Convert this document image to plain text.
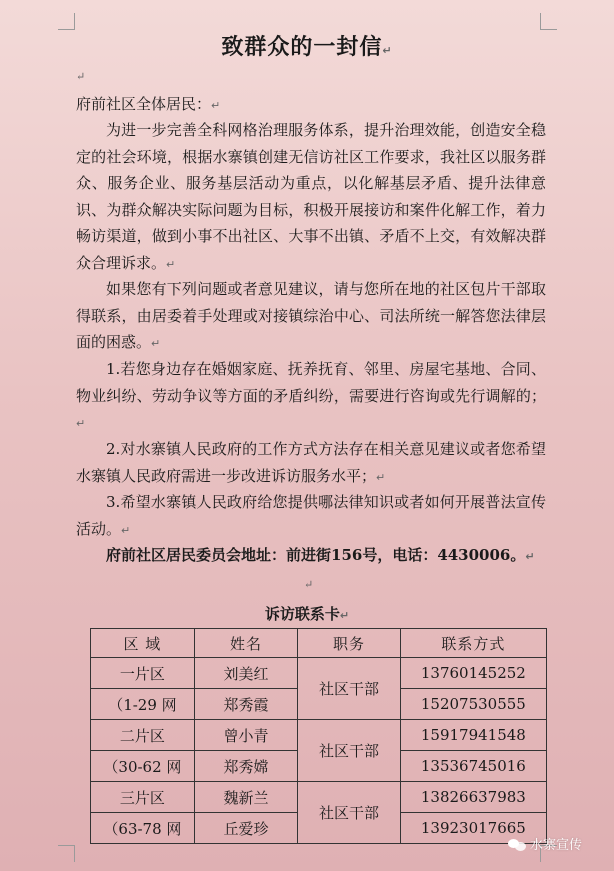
致群众的一封信↵
↵
府前社区全体居民：↵
为进一步完善全科网格治理服务体系，提升治理效能，创造安全稳定的社会环境，根据水寨镇创建无信访社区工作要求，我社区以服务群众、服务企业、服务基层活动为重点，以化解基层矛盾、提升法律意识、为群众解决实际问题为目标，积极开展接访和案件化解工作，着力畅访渠道，做到小事不出社区、大事不出镇、矛盾不上交，有效解决群众合理诉求。↵
如果您有下列问题或者意见建议，请与您所在地的社区包片干部取得联系，由居委着手处理或对接镇综治中心、司法所统一解答您法律层面的困惑。↵
1.若您身边存在婚姻家庭、抚养抚育、邻里、房屋宅基地、合同、物业纠纷、劳动争议等方面的矛盾纠纷，需要进行咨询或先行调解的；↵
2.对水寨镇人民政府的工作方式方法存在相关意见建议或者您希望水寨镇人民政府需进一步改进诉访服务水平；↵
3.希望水寨镇人民政府给您提供哪法律知识或者如何开展普法宣传活动。↵
府前社区居民委员会地址：前进街156号，电话：4430006。↵
↵
诉访联系卡↵
区 域	姓名	职务	联系方式
一片区	刘美红	社区干部	13760145252
（1-29 网	郑秀霞		15207530555
二片区	曾小青	社区干部	15917941548
（30-62 网	郑秀嫦		13536745016
三片区	魏新兰	社区干部	13826637983
（63-78 网	丘爱珍		13923017665
水寨宣传
